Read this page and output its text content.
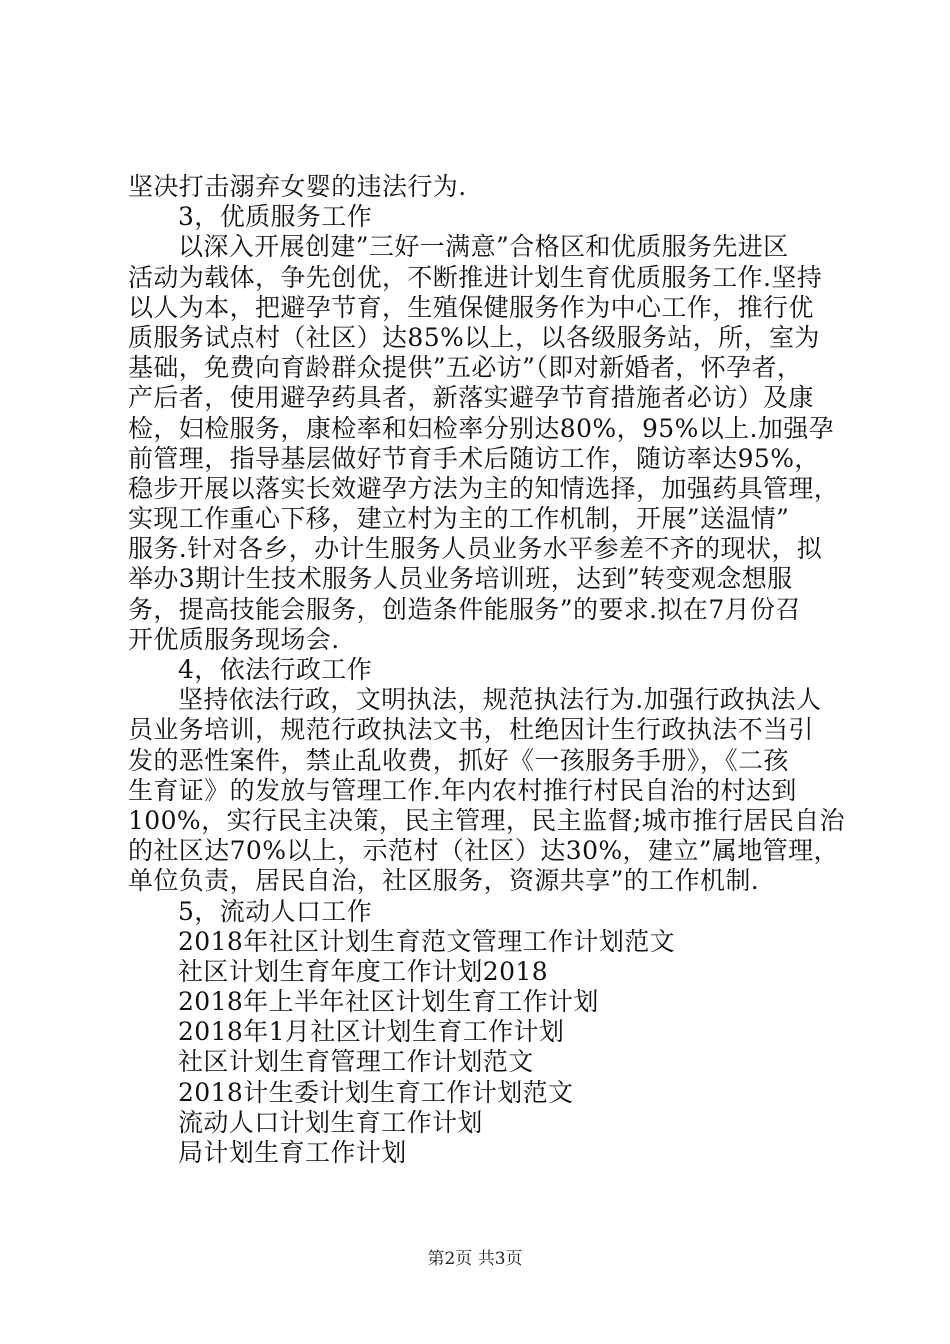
坚决打击溺弃女婴的违法行为.
3，优质服务工作
以深入开展创建”三好一满意”合格区和优质服务先进区
活动为载体，争先创优，不断推进计划生育优质服务工作.坚持
以人为本，把避孕节育，生殖保健服务作为中心工作，推行优
质服务试点村（社区）达85%以上，以各级服务站，所，室为
基础，免费向育龄群众提供”五必访”（即对新婚者，怀孕者，
产后者，使用避孕药具者，新落实避孕节育措施者必访）及康
检，妇检服务，康检率和妇检率分别达80%，95%以上.加强孕
前管理，指导基层做好节育手术后随访工作，随访率达95%，
稳步开展以落实长效避孕方法为主的知情选择，加强药具管理，
实现工作重心下移，建立村为主的工作机制，开展”送温情”
服务.针对各乡，办计生服务人员业务水平参差不齐的现状，拟
举办3期计生技术服务人员业务培训班，达到”转变观念想服
务，提高技能会服务，创造条件能服务”的要求.拟在7月份召
开优质服务现场会.
4，依法行政工作
坚持依法行政，文明执法，规范执法行为.加强行政执法人
员业务培训，规范行政执法文书，杜绝因计生行政执法不当引
发的恶性案件，禁止乱收费，抓好《一孩服务手册》，《二孩
生育证》的发放与管理工作.年内农村推行村民自治的村达到
100%，实行民主决策，民主管理，民主监督;城市推行居民自治
的社区达70%以上，示范村（社区）达30%，建立”属地管理，
单位负责，居民自治，社区服务，资源共享”的工作机制.
5，流动人口工作
2018年社区计划生育范文管理工作计划范文
社区计划生育年度工作计划2018
2018年上半年社区计划生育工作计划
2018年1月社区计划生育工作计划
社区计划生育管理工作计划范文
2018计生委计划生育工作计划范文
流动人口计划生育工作计划
局计划生育工作计划
第2页 共3页
